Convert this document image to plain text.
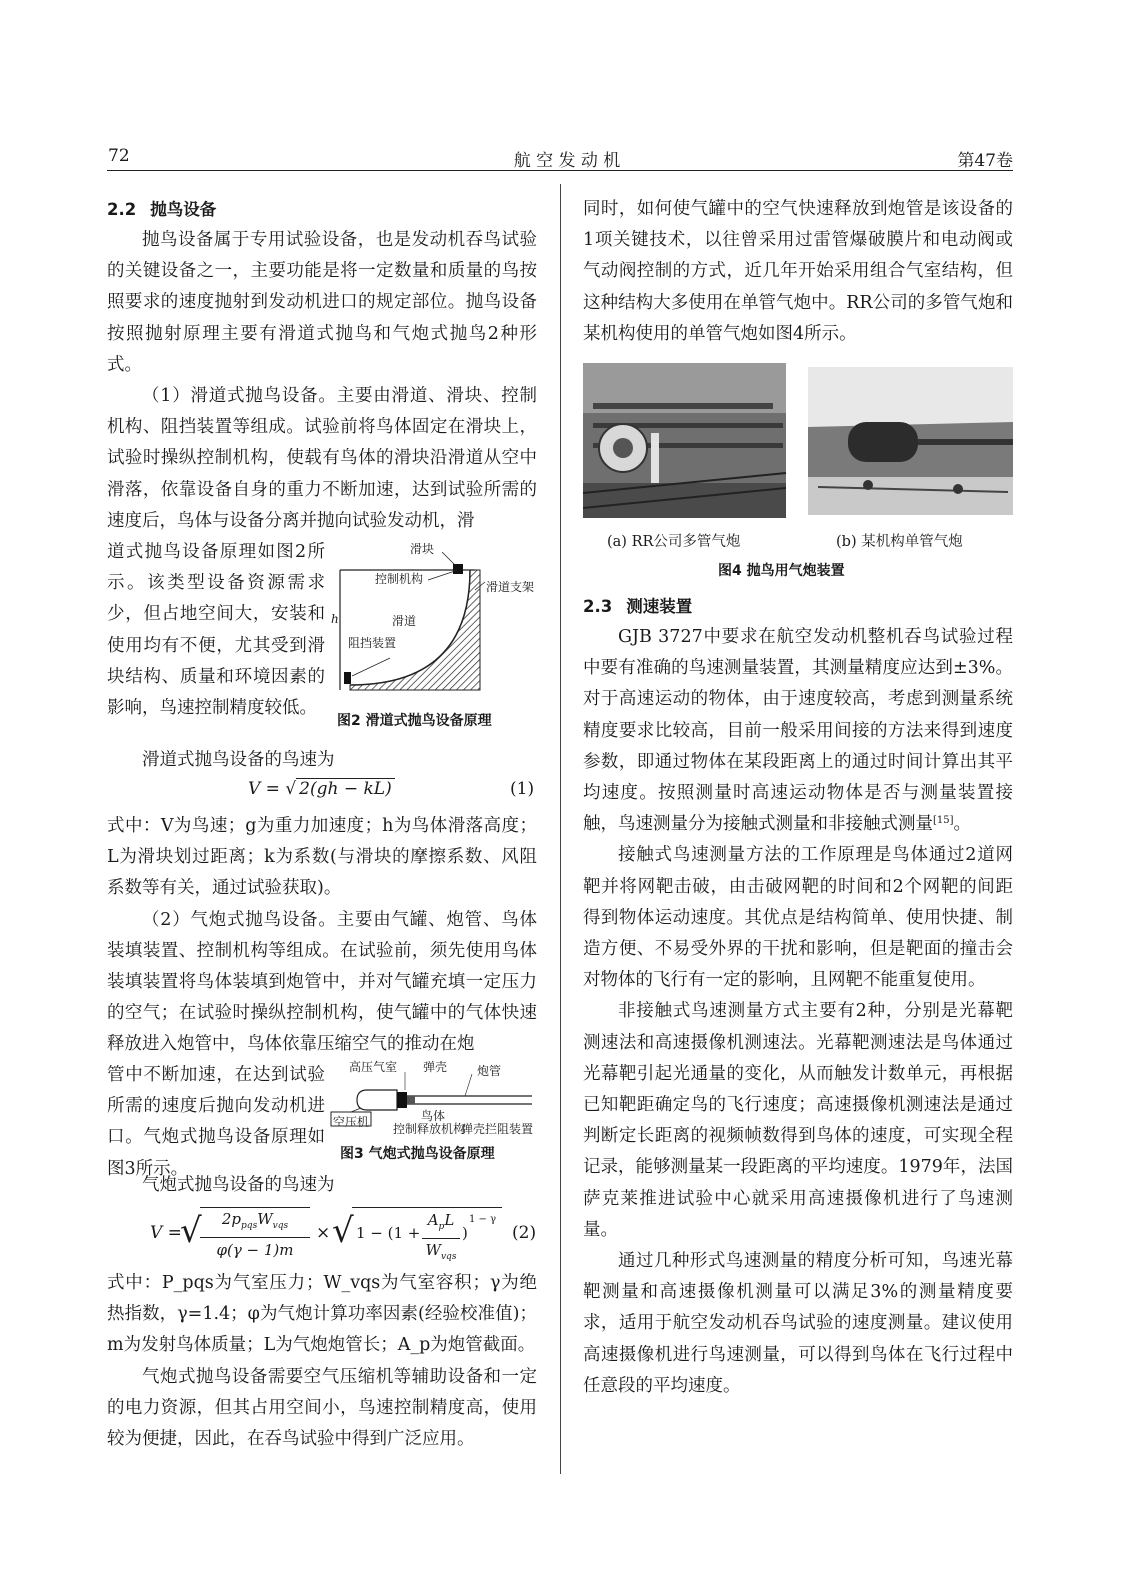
72	航 空 发 动 机	第47卷
2.2 抛鸟设备

抛鸟设备属于专用试验设备，也是发动机吞鸟试验的关键设备之一，主要功能是将一定数量和质量的鸟按照要求的速度抛射到发动机进口的规定部位。抛鸟设备按照抛射原理主要有滑道式抛鸟和气炮式抛鸟2种形式。

（1）滑道式抛鸟设备。主要由滑道、滑块、控制机构、阻挡装置等组成。试验前将鸟体固定在滑块上，试验时操纵控制机构，使载有鸟体的滑块沿滑道从空中滑落，依靠设备自身的重力不断加速，达到试验所需的速度后，鸟体与设备分离并抛向试验发动机，滑

道式抛鸟设备原理如图2所示。该类型设备资源需求少，但占地空间大，安装和使用均有不便，尤其受到滑块结构、质量和环境因素的影响，鸟速控制精度较低。

滑块
控制机构
滑道支架
滑道
阻挡装置
h
图2 滑道式抛鸟设备原理

滑道式抛鸟设备的鸟速为

V = √ 2(gh − kL)	(1)

式中：V为鸟速；g为重力加速度；h为鸟体滑落高度；L为滑块划过距离；k为系数(与滑块的摩擦系数、风阻系数等有关，通过试验获取)。

（2）气炮式抛鸟设备。主要由气罐、炮管、鸟体装填装置、控制机构等组成。在试验前，须先使用鸟体装填装置将鸟体装填到炮管中，并对气罐充填一定压力的空气；在试验时操纵控制机构，使气罐中的气体快速释放进入炮管中，鸟体依靠压缩空气的推动在炮

管中不断加速，在达到试验所需的速度后抛向发动机进口。气炮式抛鸟设备原理如图3所示。

高压气室 弹壳 炮管
空压机	鸟体
控制释放机构
弹壳拦阻装置
图3 气炮式抛鸟设备原理

气炮式抛鸟设备的鸟速为

V =
√	$2p_{pqs}W_{vqs}$
φ(γ − 1)m
× √ 1 − (1 +
$A_pL$
$W_{vqs}$
)
1 − γ
(2)

式中：P_pqs为气室压力；W_vqs为气室容积；γ为绝热指数，γ=1.4；φ为气炮计算功率因素(经验校准值)；m为发射鸟体质量；L为气炮炮管长；A_p为炮管截面。

气炮式抛鸟设备需要空气压缩机等辅助设备和一定的电力资源，但其占用空间小，鸟速控制精度高，使用较为便捷，因此，在吞鸟试验中得到广泛应用。

同时，如何使气罐中的空气快速释放到炮管是该设备的1项关键技术，以往曾采用过雷管爆破膜片和电动阀或气动阀控制的方式，近几年开始采用组合气室结构，但这种结构大多使用在单管气炮中。RR公司的多管气炮和某机构使用的单管气炮如图4所示。

(a) RR公司多管气炮	(b) 某机构单管气炮
图4 抛鸟用气炮装置
2.3 测速装置

GJB 3727中要求在航空发动机整机吞鸟试验过程中要有准确的鸟速测量装置，其测量精度应达到±3%。对于高速运动的物体，由于速度较高，考虑到测量系统精度要求比较高，目前一般采用间接的方法来得到速度参数，即通过物体在某段距离上的通过时间计算出其平均速度。按照测量时高速运动物体是否与测量装置接触，鸟速测量分为接触式测量和非接触式测量[15]。

接触式鸟速测量方法的工作原理是鸟体通过2道网靶并将网靶击破，由击破网靶的时间和2个网靶的间距得到物体运动速度。其优点是结构简单、使用快捷、制造方便、不易受外界的干扰和影响，但是靶面的撞击会对物体的飞行有一定的影响，且网靶不能重复使用。

非接触式鸟速测量方式主要有2种，分别是光幕靶测速法和高速摄像机测速法。光幕靶测速法是鸟体通过光幕靶引起光通量的变化，从而触发计数单元，再根据已知靶距确定鸟的飞行速度；高速摄像机测速法是通过判断定长距离的视频帧数得到鸟体的速度，可实现全程记录，能够测量某一段距离的平均速度。1979年，法国萨克莱推进试验中心就采用高速摄像机进行了鸟速测量。

通过几种形式鸟速测量的精度分析可知，鸟速光幕靶测量和高速摄像机测量可以满足3%的测量精度要求，适用于航空发动机吞鸟试验的速度测量。建议使用高速摄像机进行鸟速测量，可以得到鸟体在飞行过程中任意段的平均速度。
